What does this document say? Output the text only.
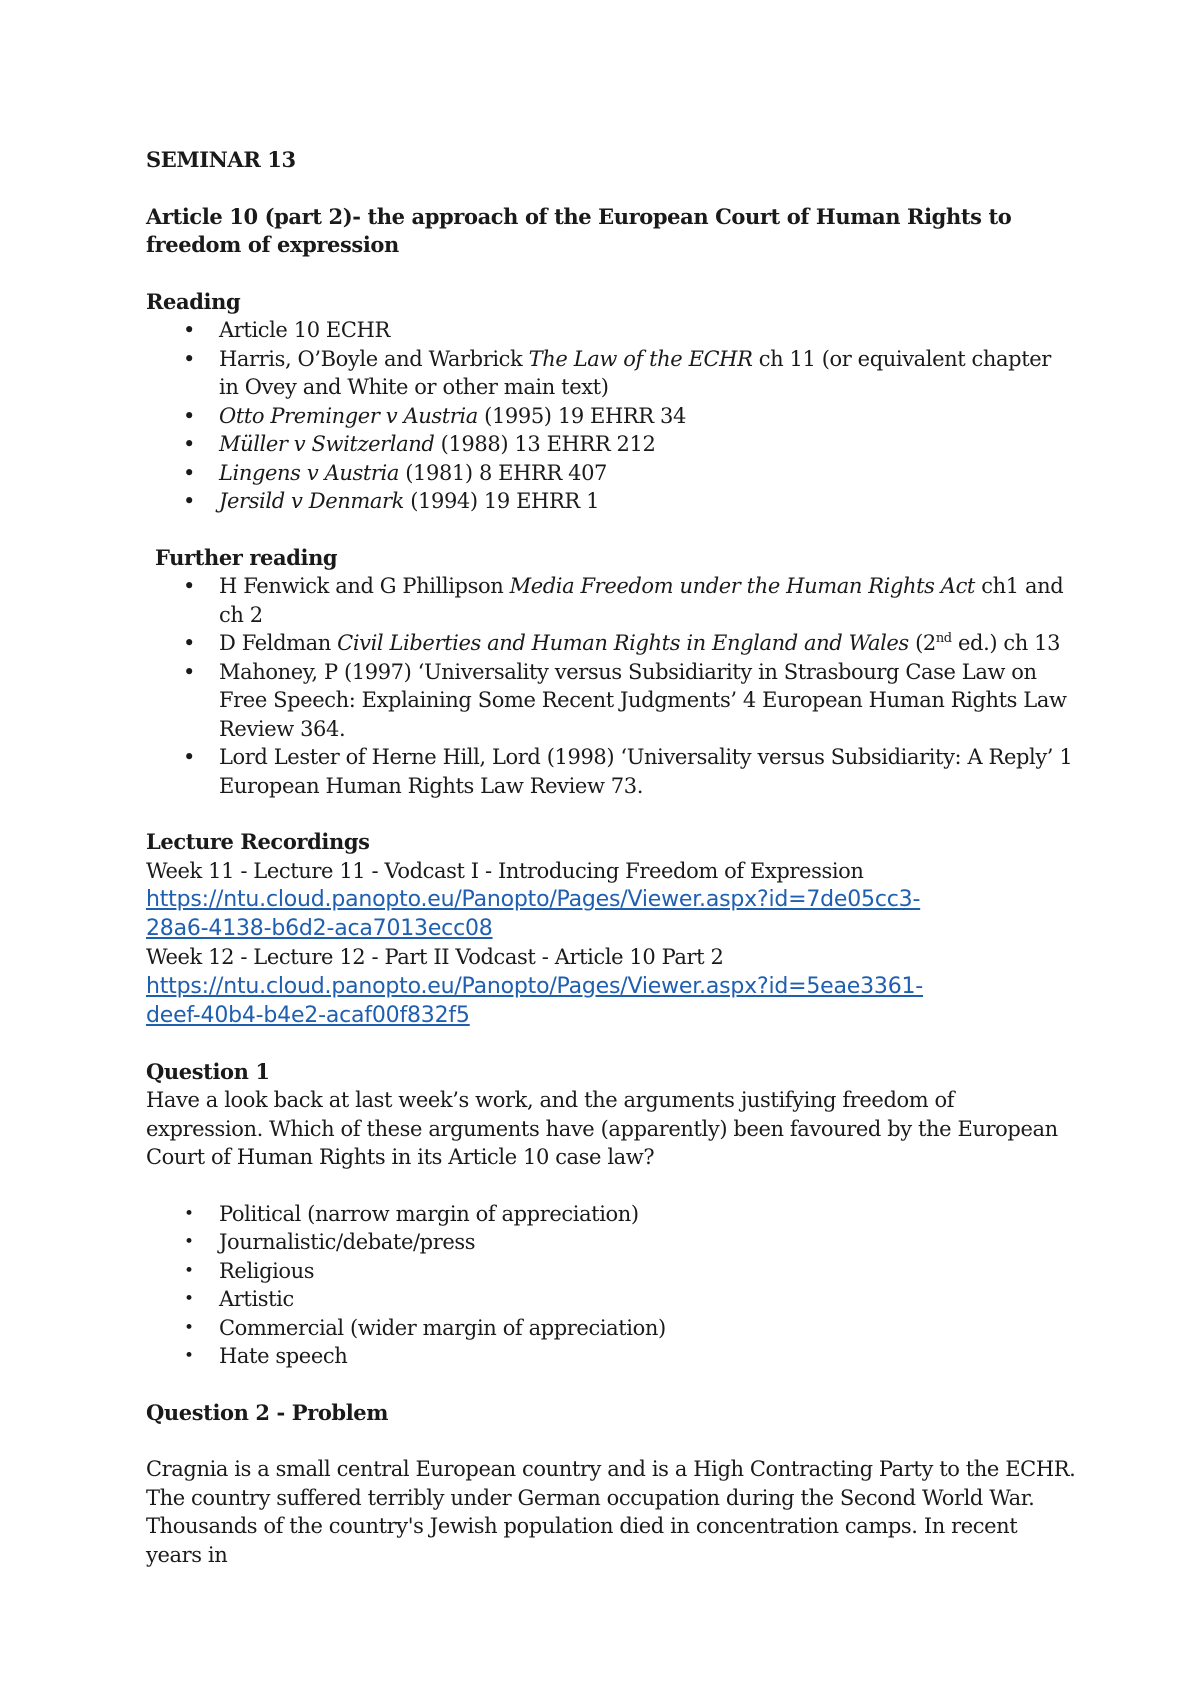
SEMINAR 13

Article 10 (part 2)- the approach of the European Court of Human Rights to freedom of expression

Reading

• Article 10 ECHR
• Harris, O’Boyle and Warbrick The Law of the ECHR ch 11 (or equivalent chapter in Ovey and White or other main text)
• Otto Preminger v Austria (1995) 19 EHRR 34
• Müller v Switzerland (1988) 13 EHRR 212
• Lingens v Austria (1981) 8 EHRR 407
• Jersild v Denmark (1994) 19 EHRR 1

Further reading

• H Fenwick and G Phillipson Media Freedom under the Human Rights Act ch1 and ch 2
• D Feldman Civil Liberties and Human Rights in England and Wales (2nd ed.) ch 13
• Mahoney, P (1997) ‘Universality versus Subsidiarity in Strasbourg Case Law on Free Speech: Explaining Some Recent Judgments’ 4 European Human Rights Law Review 364.
• Lord Lester of Herne Hill, Lord (1998) ‘Universality versus Subsidiarity: A Reply’ 1 European Human Rights Law Review 73.

Lecture Recordings

Week 11 - Lecture 11 - Vodcast I - Introducing Freedom of Expression

https://ntu.cloud.panopto.eu/Panopto/Pages/Viewer.aspx?id=7de05cc3-
28a6-4138-b6d2-aca7013ecc08

Week 12 - Lecture 12 - Part II Vodcast - Article 10 Part 2

https://ntu.cloud.panopto.eu/Panopto/Pages/Viewer.aspx?id=5eae3361-
deef-40b4-b4e2-acaf00f832f5

Question 1

Have a look back at last week’s work, and the arguments justifying freedom of expression. Which of these arguments have (apparently) been favoured by the European Court of Human Rights in its Article 10 case law?

• Political (narrow margin of appreciation)
• Journalistic/debate/press
• Religious
• Artistic
• Commercial (wider margin of appreciation)
• Hate speech

Question 2 - Problem

Cragnia is a small central European country and is a High Contracting Party to the ECHR. The country suffered terribly under German occupation during the Second World War. Thousands of the country's Jewish population died in concentration camps. In recent years in
